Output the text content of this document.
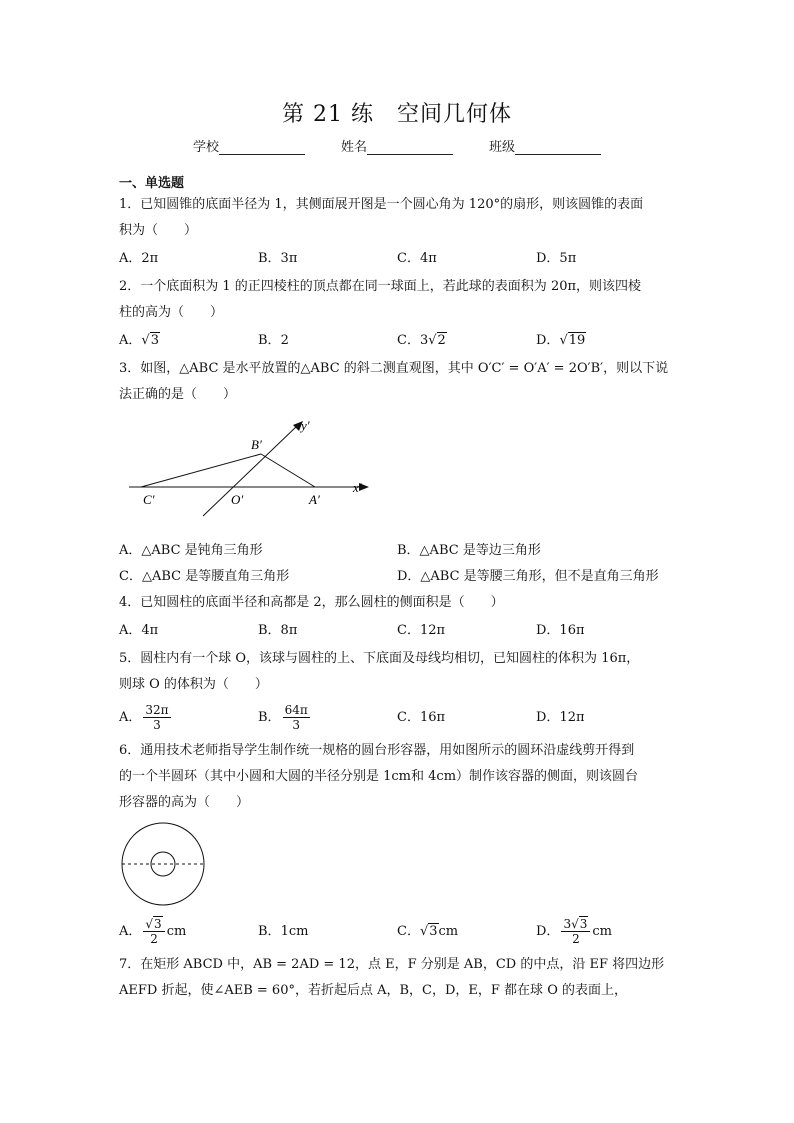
第 21 练　空间几何体
学校	姓名	班级
一、单选题

1．已知圆锥的底面半径为 1，其侧面展开图是一个圆心角为 120°的扇形，则该圆锥的表面

积为（　　）

A．2π	B．3π	C．4π	D．5π

2．一个底面积为 1 的正四棱柱的顶点都在同一球面上，若此球的表面积为 20π，则该四棱

柱的高为（　　）

A．√3	B．2	C．3√2	D．√19

3．如图，△ABC 是水平放置的△ABC 的斜二测直观图，其中 O′C′ = O′A′ = 2O′B′，则以下说

法正确的是（　　）

y′
x′
B′
C′	O′	A′
A．△ABC 是钝角三角形	B．△ABC 是等边三角形
C．△ABC 是等腰直角三角形	D．△ABC 是等腰三角形，但不是直角三角形

4．已知圆柱的底面半径和高都是 2，那么圆柱的侧面积是（　　）

A．4π	B．8π	C．12π	D．16π

5．圆柱内有一个球 O，该球与圆柱的上、下底面及母线均相切，已知圆柱的体积为 16π，

则球 O 的体积为（　　）

A． $\frac{32\pi}{3}$	B． $\frac{64\pi}{3}$	C．16π	D．12π

6．通用技术老师指导学生制作统一规格的圆台形容器，用如图所示的圆环沿虚线剪开得到

的一个半圆环（其中小圆和大圆的半径分别是 1cm和 4cm）制作该容器的侧面，则该圆台

形容器的高为（　　）

A． $\frac{√3}{2}$ cm	B．1cm	C．√3cm	D． $\frac{3√3}{2}$ cm

7．在矩形 ABCD 中，AB = 2AD = 12，点 E，F 分别是 AB，CD 的中点，沿 EF 将四边形

AEFD 折起，使∠AEB = 60°，若折起后点 A，B，C，D，E，F 都在球 O 的表面上，
